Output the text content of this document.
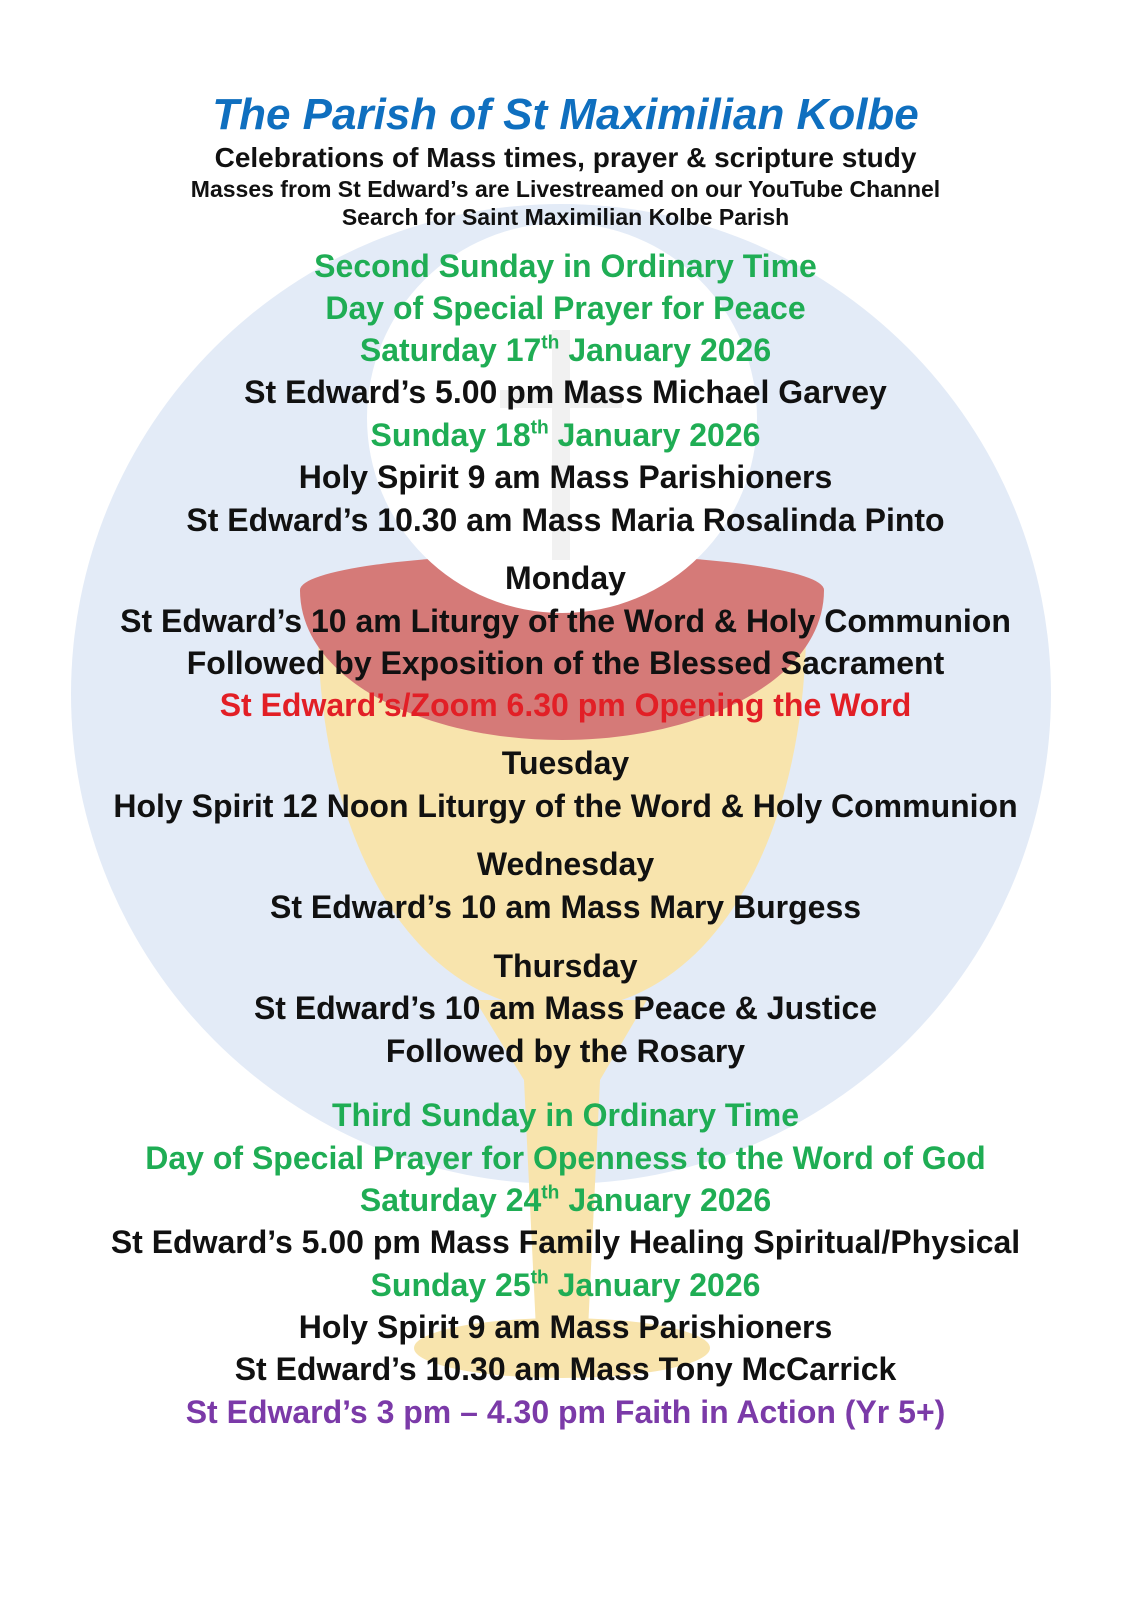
The Parish of St Maximilian Kolbe
Celebrations of Mass times, prayer & scripture study
Masses from St Edward’s are Livestreamed on our YouTube Channel
Search for Saint Maximilian Kolbe Parish
Second Sunday in Ordinary Time
Day of Special Prayer for Peace
Saturday 17th January 2026
St Edward’s 5.00 pm Mass Michael Garvey
Sunday 18th January 2026
Holy Spirit 9 am Mass Parishioners
St Edward’s 10.30 am Mass Maria Rosalinda Pinto
Monday
St Edward’s 10 am Liturgy of the Word & Holy Communion
Followed by Exposition of the Blessed Sacrament
St Edward’s/Zoom 6.30 pm Opening the Word
Tuesday
Holy Spirit 12 Noon Liturgy of the Word & Holy Communion
Wednesday
St Edward’s 10 am Mass Mary Burgess
Thursday
St Edward’s 10 am Mass Peace & Justice
Followed by the Rosary
Third Sunday in Ordinary Time
Day of Special Prayer for Openness to the Word of God
Saturday 24th January 2026
St Edward’s 5.00 pm Mass Family Healing Spiritual/Physical
Sunday 25th January 2026
Holy Spirit 9 am Mass Parishioners
St Edward’s 10.30 am Mass Tony McCarrick
St Edward’s 3 pm – 4.30 pm Faith in Action (Yr 5+)
